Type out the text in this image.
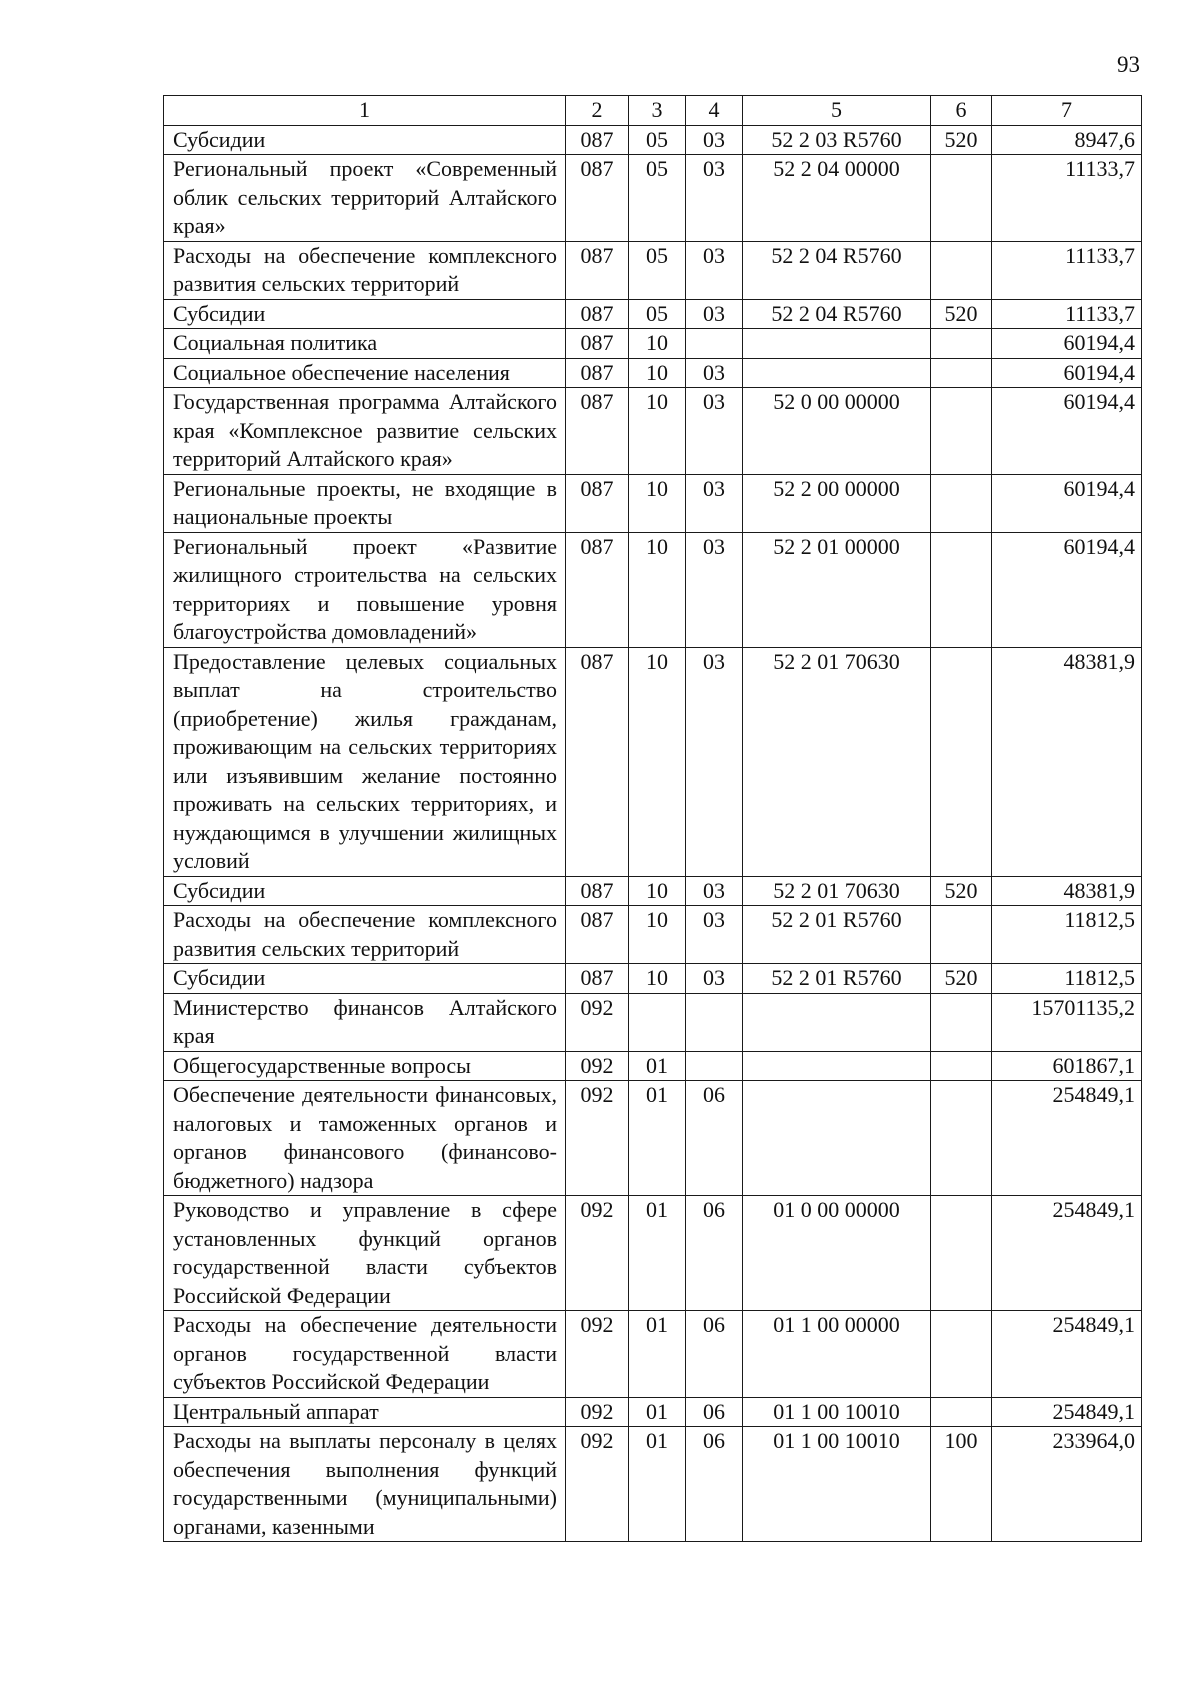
93
1	2	3	4	5	6	7
Субсидии	087	05	03	52 2 03 R5760	520	8947,6
Региональный проект «Современный облик сельских территорий Алтайского края»	087	05	03	52 2 04 00000		11133,7
Расходы на обеспечение комплексного развития сельских территорий	087	05	03	52 2 04 R5760		11133,7
Субсидии	087	05	03	52 2 04 R5760	520	11133,7
Социальная политика	087	10				60194,4
Социальное обеспечение населения	087	10	03			60194,4
Государственная программа Алтайского края «Комплексное развитие сельских территорий Алтайского края»	087	10	03	52 0 00 00000		60194,4
Региональные проекты, не входящие в национальные проекты	087	10	03	52 2 00 00000		60194,4
Региональный проект «Развитие жилищного строительства на сельских территориях и повышение уровня благоустройства домовладений»	087	10	03	52 2 01 00000		60194,4
Предоставление целевых социальных выплат на строительство (приобретение) жилья гражданам, проживающим на сельских территориях или изъявившим желание постоянно проживать на сельских территориях, и нуждающимся в улучшении жилищных условий	087	10	03	52 2 01 70630		48381,9
Субсидии	087	10	03	52 2 01 70630	520	48381,9
Расходы на обеспечение комплексного развития сельских территорий	087	10	03	52 2 01 R5760		11812,5
Субсидии	087	10	03	52 2 01 R5760	520	11812,5
Министерство финансов Алтайского края	092					15701135,2
Общегосударственные вопросы	092	01				601867,1
Обеспечение деятельности финансовых, налоговых и таможенных органов и органов финансового (финансово-бюджетного) надзора	092	01	06			254849,1
Руководство и управление в сфере установленных функций органов государственной власти субъектов Российской Федерации	092	01	06	01 0 00 00000		254849,1
Расходы на обеспечение деятельности органов государственной власти субъектов Российской Федерации	092	01	06	01 1 00 00000		254849,1
Центральный аппарат	092	01	06	01 1 00 10010		254849,1
Расходы на выплаты персоналу в целях обеспечения выполнения функций государственными (муниципальными) органами, казенными	092	01	06	01 1 00 10010	100	233964,0
